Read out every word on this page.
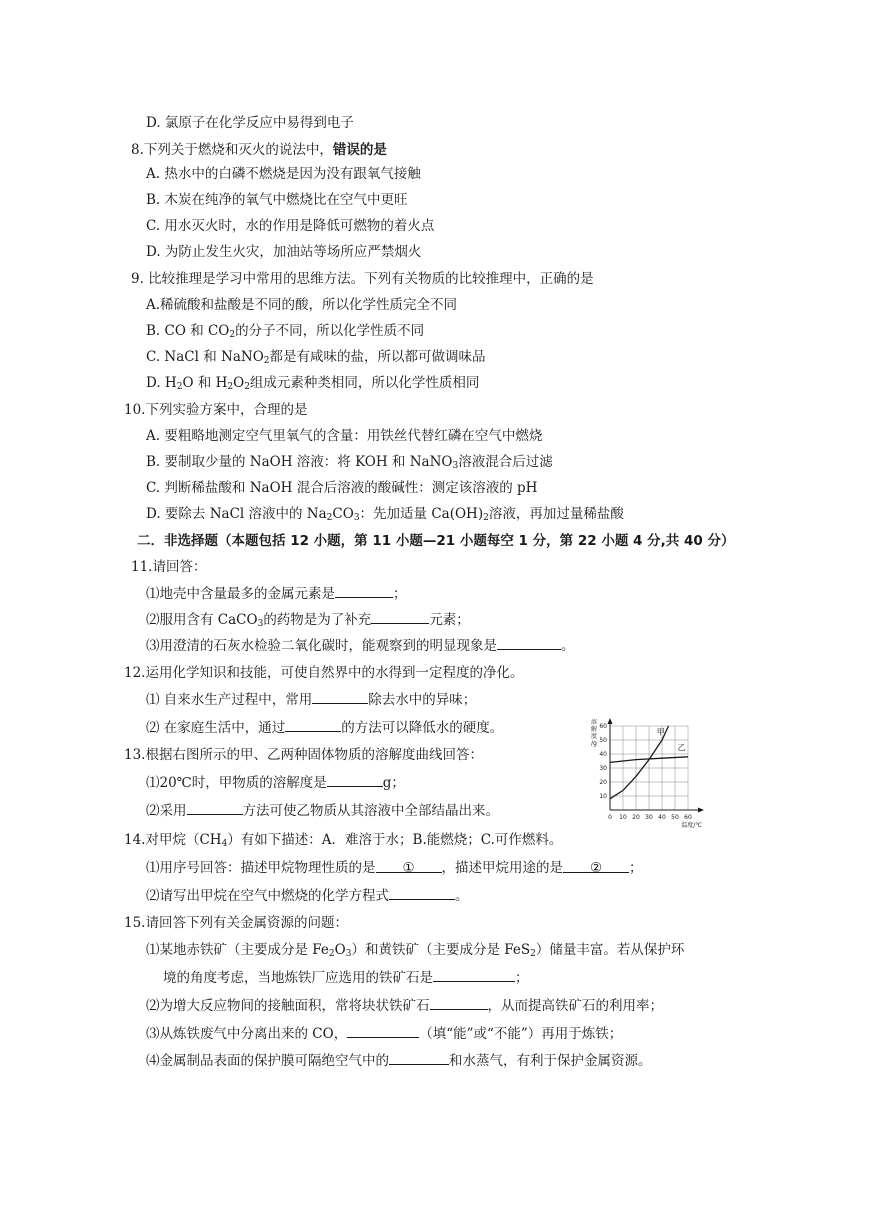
D. 氯原子在化学反应中易得到电子
8.下列关于燃烧和灭火的说法中，错误的是
A. 热水中的白磷不燃烧是因为没有跟氧气接触
B. 木炭在纯净的氧气中燃烧比在空气中更旺
C. 用水灭火时，水的作用是降低可燃物的着火点
D. 为防止发生火灾，加油站等场所应严禁烟火
9. 比较推理是学习中常用的思维方法。下列有关物质的比较推理中，正确的是
A.稀硫酸和盐酸是不同的酸，所以化学性质完全不同
B. CO 和 $CO_2$的分子不同，所以化学性质不同
C. NaCl 和 NaNO$_2$都是有咸味的盐，所以都可做调味品
D. $H_2O$ 和 $H_2O_2$组成元素种类相同，所以化学性质相同
10.下列实验方案中，合理的是
A. 要粗略地测定空气里氧气的含量：用铁丝代替红磷在空气中燃烧
B. 要制取少量的 NaOH 溶液：将 KOH 和 NaNO$_3$溶液混合后过滤
C. 判断稀盐酸和 NaOH 混合后溶液的酸碱性：测定该溶液的 pH
D. 要除去 NaCl 溶液中的 $Na_2CO_3$：先加适量 $Ca(OH)_2$溶液，再加过量稀盐酸
二．非选择题（本题包括 12 小题，第 11 小题—21 小题每空 1 分，第 22 小题 4 分,共 40 分）
11.请回答：
⑴地壳中含量最多的金属元素是	；
⑵服用含有 CaCO$_3$的药物是为了补充	元素；
⑶用澄清的石灰水检验二氧化碳时，能观察到的明显现象是	。
12.运用化学知识和技能，可使自然界中的水得到一定程度的净化。
⑴ 自来水生产过程中，常用	除去水中的异味；
⑵ 在家庭生活中，通过	的方法可以降低水的硬度。
13.根据右图所示的甲、乙两种固体物质的溶解度曲线回答：
⑴20℃时，甲物质的溶解度是	g；
⑵采用	方法可使乙物质从其溶液中全部结晶出来。	0 10 20 30 40 50 60
10
20
30
40
50
60
溶
解
度
/g
温度/℃
甲
乙
14.对甲烷$(CH_4)$有如下描述：A．难溶于水；B.能燃烧；C.可作燃料。
⑴用序号回答：描述甲烷物理性质的是 ① ，描述甲烷用途的是 ② ；
⑵请写出甲烷在空气中燃烧的化学方程式	。
15.请回答下列有关金属资源的问题：
⑴某地赤铁矿（主要成分是 $Fe_2O_3$）和黄铁矿（主要成分是 FeS$_2$）储量丰富。若从保护环
境的角度考虑，当地炼铁厂应选用的铁矿石是	；
⑵为增大反应物间的接触面积，常将块状铁矿石	，从而提高铁矿石的利用率；
⑶从炼铁废气中分离出来的 CO，	（填“能”或“不能”）再用于炼铁；
⑷金属制品表面的保护膜可隔绝空气中的	和水蒸气，有利于保护金属资源。
